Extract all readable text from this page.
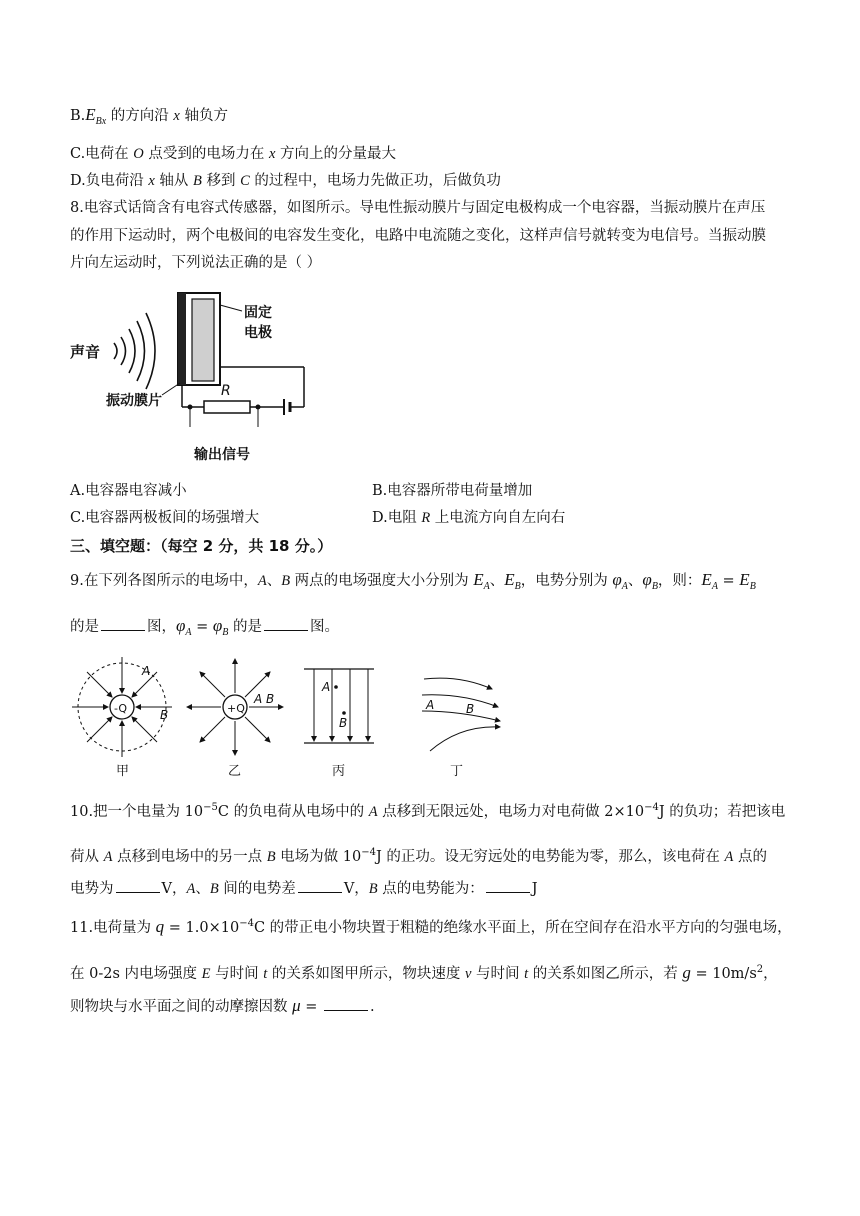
$B.E_{Bx}$ 的方向沿 x 轴负方
C.电荷在 O 点受到的电场力在 x 方向上的分量最大
D.负电荷沿 x 轴从 B 移到 C 的过程中，电场力先做正功，后做负功
8.电容式话筒含有电容式传感器，如图所示。导电性振动膜片与固定电极构成一个电容器，当振动膜片在声压
的作用下运动时，两个电极间的电容发生变化，电路中电流随之变化，这样声信号就转变为电信号。当振动膜
片向左运动时，下列说法正确的是（ ）
声音
固定
电极
R
振动膜片
输出信号
A.电容器电容减小	B.电容器所带电荷量增加
C.电容器两极板间的场强增大	D.电阻 R 上电流方向自左向右
三、填空题：（每空 2 分，共 18 分。）
9.在下列各图所示的电场中，A、B 两点的电场强度大小分别为 $E_A$、$E_B$，电势分别为 $\varphi_A$、$\varphi_B$，则：$E_A = E_B$
的是	图，$\varphi_A = \varphi_B$ 的是	图。
-Q
A
B
甲
+Q
A B
乙
A
B
丙
A	B
丁
10.把一个电量为 $10^{-5}C$ 的负电荷从电场中的 A 点移到无限远处，电场力对电荷做 $2\times 10^{-4}J$ 的负功；若把该电
荷从 A 点移到电场中的另一点 B 电场为做 $10^{-4}J$ 的正功。设无穷远处的电势能为零，那么，该电荷在 A 点的
电势为	V，A、B 间的电势差	V，B 点的电势能为：	J
11.电荷量为 $q = 1.0\times 10^{-4}C$ 的带正电小物块置于粗糙的绝缘水平面上，所在空间存在沿水平方向的匀强电场，
在 0-2s 内电场强度 E 与时间 t 的关系如图甲所示，物块速度 v 与时间 t 的关系如图乙所示，若 $g = 10m/s^2$，
则物块与水平面之间的动摩擦因数 μ =	.
